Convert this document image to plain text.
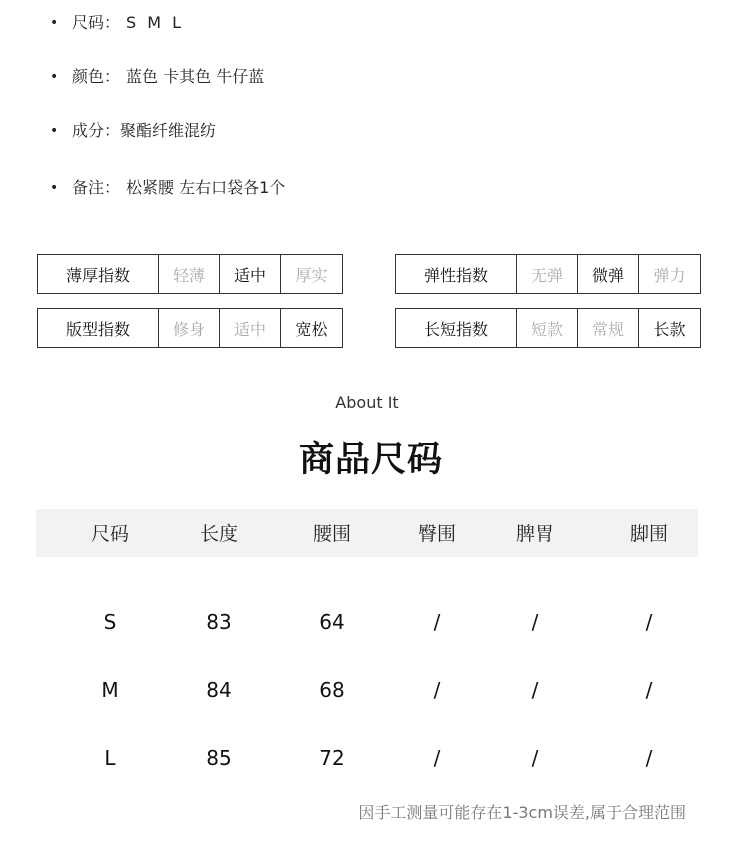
• 尺码： S M L
• 颜色： 蓝色 卡其色 牛仔蓝
• 成分：聚酯纤维混纺
• 备注： 松紧腰 左右口袋各1个
薄厚指数	轻薄	适中	厚实
版型指数	修身	适中	宽松
弹性指数	无弹	微弹	弹力
长短指数	短款	常规	长款
About It
商品尺码
尺码	长度	腰围	臀围	脾胃	脚围
S	83	64	/	/	/
M	84	68	/	/	/
L	85	72	/	/	/
因手工测量可能存在1-3cm误差,属于合理范围
